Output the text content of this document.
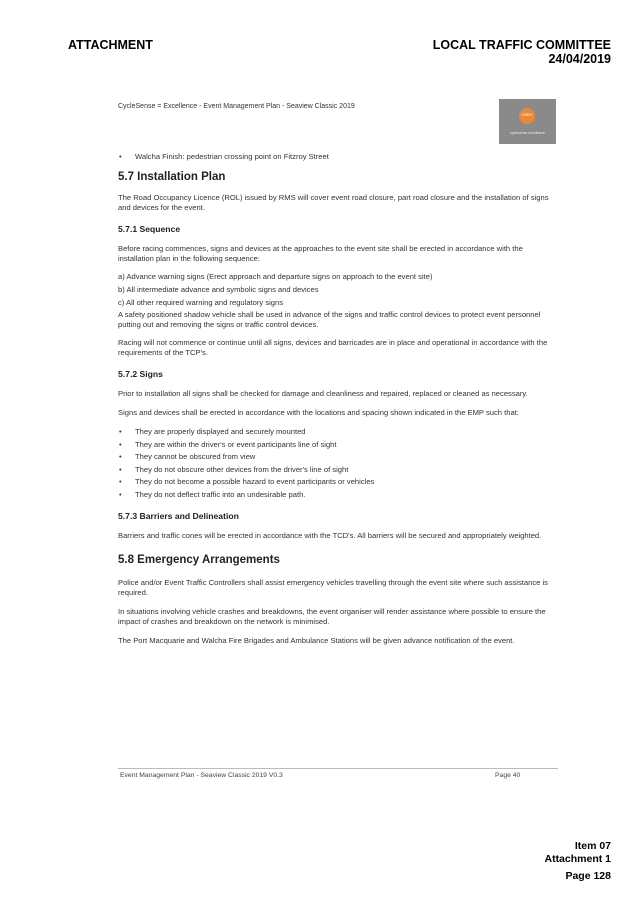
ATTACHMENT	LOCAL TRAFFIC COMMITTEE
24/04/2019
CycleSense = Excellence - Event Management Plan - Seaview Classic 2019
CSEV
cyclesense excellence
• Walcha Finish: pedestrian crossing point on Fitzroy Street
5.7 Installation Plan

The Road Occupancy Licence (ROL) issued by RMS will cover event road closure, part road closure and the installation of signs and devices for the event.

5.7.1 Sequence

Before racing commences, signs and devices at the approaches to the event site shall be erected in accordance with the installation plan in the following sequence:

a) Advance warning signs (Erect approach and departure signs on approach to the event site)

b) All intermediate advance and symbolic signs and devices

c) All other required warning and regulatory signs

A safety positioned shadow vehicle shall be used in advance of the signs and traffic control devices to protect event personnel putting out and removing the signs or traffic control devices.

Racing will not commence or continue until all signs, devices and barricades are in place and operational in accordance with the requirements of the TCP's.

5.7.2 Signs

Prior to installation all signs shall be checked for damage and cleanliness and repaired, replaced or cleaned as necessary.

Signs and devices shall be erected in accordance with the locations and spacing shown indicated in the EMP such that:

• They are properly displayed and securely mounted
• They are within the driver's or event participants line of sight
• They cannot be obscured from view
• They do not obscure other devices from the driver's line of sight
• They do not become a possible hazard to event participants or vehicles
• They do not deflect traffic into an undesirable path.
5.7.3 Barriers and Delineation

Barriers and traffic cones will be erected in accordance with the TCD's. All barriers will be secured and appropriately weighted.

5.8 Emergency Arrangements

Police and/or Event Traffic Controllers shall assist emergency vehicles travelling through the event site where such assistance is required.

In situations involving vehicle crashes and breakdowns, the event organiser will render assistance where possible to ensure the impact of crashes and breakdown on the network is minimised.

The Port Macquarie and Walcha Fire Brigades and Ambulance Stations will be given advance notification of the event.

Event Management Plan - Seaview Classic 2019 V0.3	Page 40
Item 07
Attachment 1
Page 128
